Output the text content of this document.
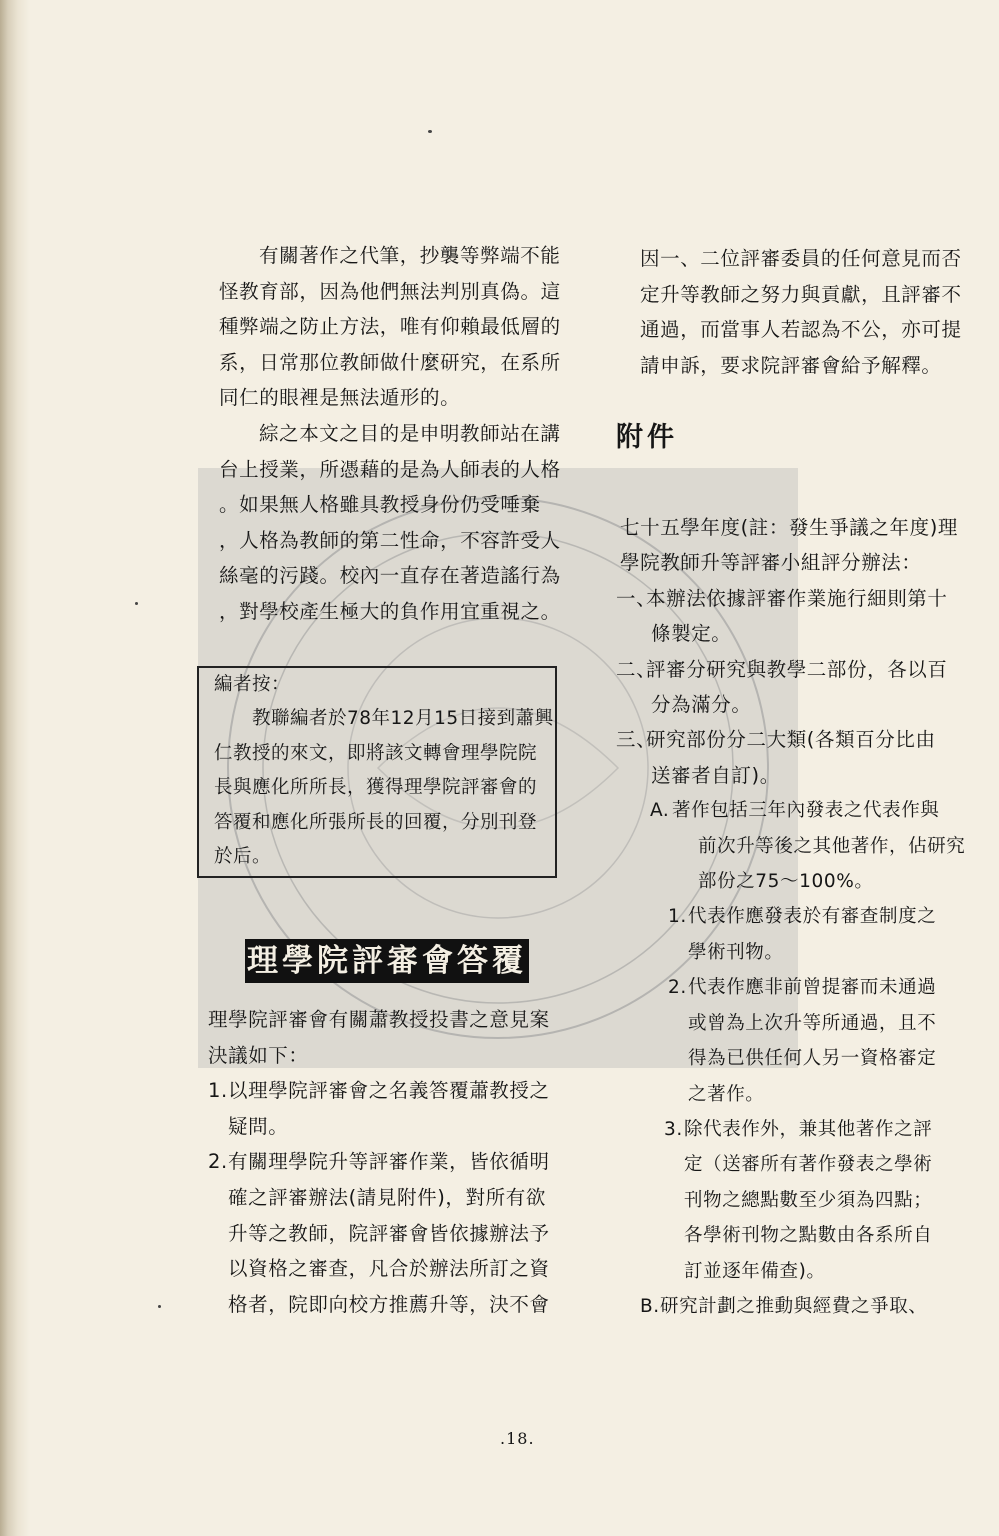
有關著作之代筆，抄襲等弊端不能
怪教育部，因為他們無法判別真偽。這
種弊端之防止方法，唯有仰賴最低層的
系，日常那位教師做什麼研究，在系所
同仁的眼裡是無法遁形的。

綜之本文之目的是申明教師站在講
台上授業，所憑藉的是為人師表的人格
。如果無人格雖具教授身份仍受唾棄
，人格為教師的第二性命，不容許受人
絲毫的污踐。校內一直存在著造謠行為
，對學校產生極大的負作用宜重視之。

編者按：
教聯編者於78年12月15日接到蕭興
仁教授的來文，即將該文轉會理學院院
長與應化所所長，獲得理學院評審會的
答覆和應化所張所長的回覆，分別刊登
於后。
理學院評審會答覆
理學院評審會有關蕭教授投書之意見案
決議如下：
1. 以理學院評審會之名義答覆蕭教授之
疑問。
2. 有關理學院升等評審作業，皆依循明
確之評審辦法(請見附件)，對所有欲
升等之教師，院評審會皆依據辦法予
以資格之審查，凡合於辦法所訂之資
格者，院即向校方推薦升等，決不會
因一、二位評審委員的任何意見而否
定升等教師之努力與貢獻，且評審不
通過，而當事人若認為不公，亦可提
請申訴，要求院評審會給予解釋。
附件
七十五學年度(註：發生爭議之年度)理
學院教師升等評審小組評分辦法：
一、
本辦法依據評審作業施行細則第十
條製定。
二、
評審分研究與教學二部份，各以百
分為滿分。
三、
研究部份分二大類(各類百分比由
送審者自訂)。
A. 著作包括三年內發表之代表作與
前次升等後之其他著作，佔研究
部份之75～100%。
1. 代表作應發表於有審查制度之
學術刊物。
2. 代表作應非前曾提審而未通過
或曾為上次升等所通過，且不
得為已供任何人另一資格審定
之著作。
3. 除代表作外，兼其他著作之評
定（送審所有著作發表之學術
刊物之總點數至少須為四點；
各學術刊物之點數由各系所自
訂並逐年備查)。
B. 研究計劃之推動與經費之爭取、
.18.
